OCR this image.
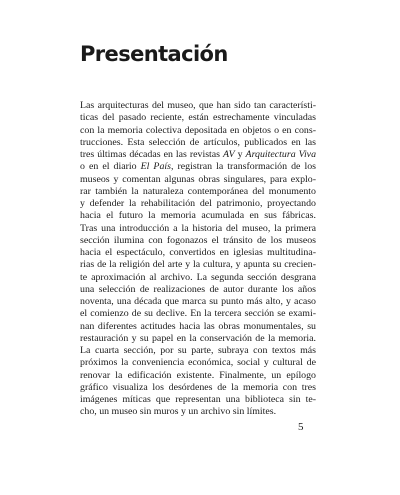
Presentación
Las arquitecturas del museo, que han sido tan característi-
ticas del pasado reciente, están estrechamente vinculadas
con la memoria colectiva depositada en objetos o en cons-
trucciones. Esta selección de artículos, publicados en las
tres últimas décadas en las revistas AV y Arquitectura Viva
o en el diario El País, registran la transformación de los
museos y comentan algunas obras singulares, para explo-
rar también la naturaleza contemporánea del monumento
y defender la rehabilitación del patrimonio, proyectando
hacia el futuro la memoria acumulada en sus fábricas.
Tras una introducción a la historia del museo, la primera
sección ilumina con fogonazos el tránsito de los museos
hacia el espectáculo, convertidos en iglesias multitudina-
rias de la religión del arte y la cultura, y apunta su crecien-
te aproximación al archivo. La segunda sección desgrana
una selección de realizaciones de autor durante los años
noventa, una década que marca su punto más alto, y acaso
el comienzo de su declive. En la tercera sección se exami-
nan diferentes actitudes hacia las obras monumentales, su
restauración y su papel en la conservación de la memoria.
La cuarta sección, por su parte, subraya con textos más
próximos la conveniencia económica, social y cultural de
renovar la edificación existente. Finalmente, un epílogo
gráfico visualiza los desórdenes de la memoria con tres
imágenes míticas que representan una biblioteca sin te-
cho, un museo sin muros y un archivo sin límites.
5
